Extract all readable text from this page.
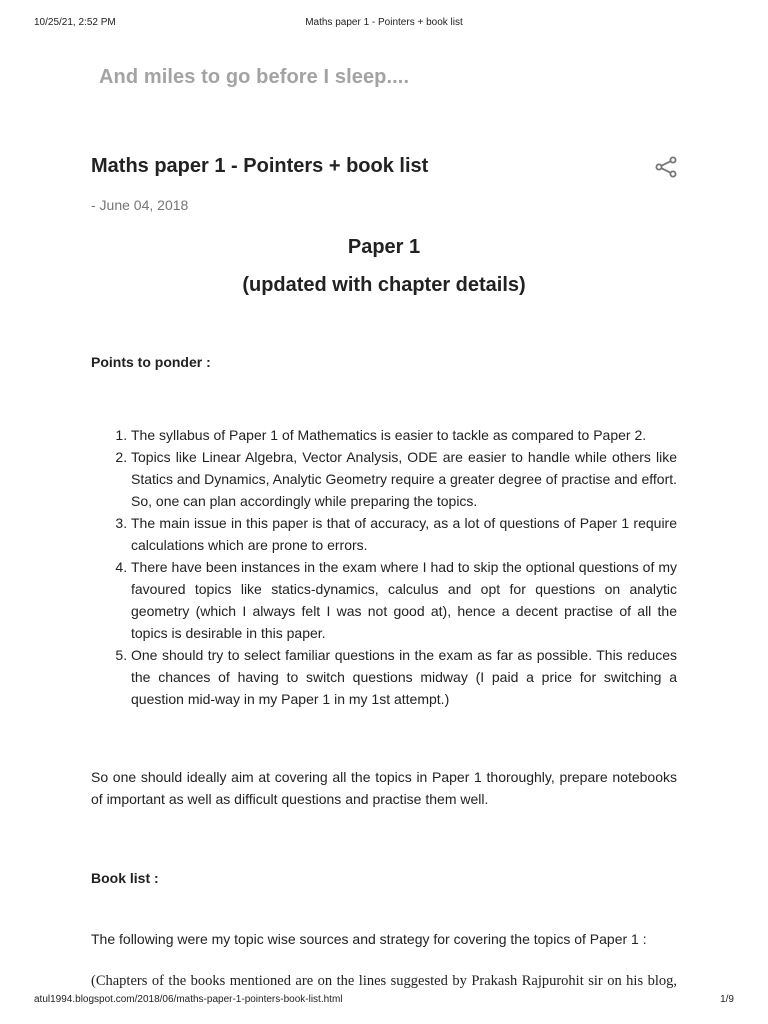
10/25/21, 2:52 PM	Maths paper 1 - Pointers + book list
And miles to go before I sleep....
Maths paper 1 - Pointers + book list
- June 04, 2018
Paper 1
(updated with chapter details)
Points to ponder :
1. The syllabus of Paper 1 of Mathematics is easier to tackle as compared to Paper 2.
2. Topics like Linear Algebra, Vector Analysis, ODE are easier to handle while others like Statics and Dynamics, Analytic Geometry require a greater degree of practise and effort. So, one can plan accordingly while preparing the topics.
3. The main issue in this paper is that of accuracy, as a lot of questions of Paper 1 require calculations which are prone to errors.
4. There have been instances in the exam where I had to skip the optional questions of my favoured topics like statics-dynamics, calculus and opt for questions on analytic geometry (which I always felt I was not good at), hence a decent practise of all the topics is desirable in this paper.
5. One should try to select familiar questions in the exam as far as possible. This reduces the chances of having to switch questions midway (I paid a price for switching a question mid-way in my Paper 1 in my 1st attempt.)

So one should ideally aim at covering all the topics in Paper 1 thoroughly, prepare notebooks of important as well as difficult questions and practise them well.

Book list :

The following were my topic wise sources and strategy for covering the topics of Paper 1 :

(Chapters of the books mentioned are on the lines suggested by Prakash Rajpurohit sir on his blog,

atul1994.blogspot.com/2018/06/maths-paper-1-pointers-book-list.html	1/9
